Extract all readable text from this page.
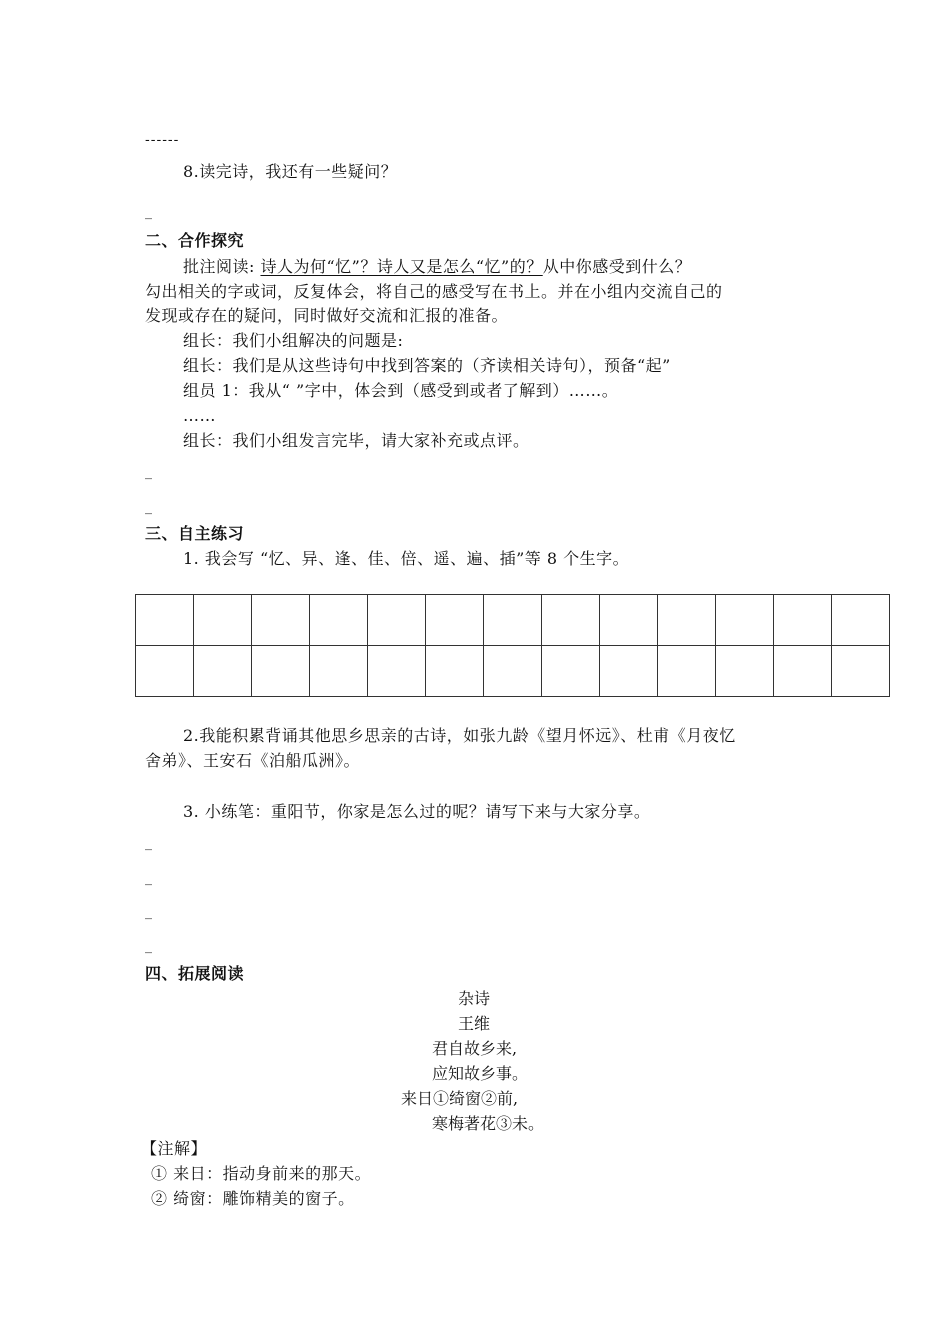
------
8.读完诗，我还有一些疑问？
_
二、合作探究
批注阅读: 诗人为何“忆”？诗人又是怎么“忆”的？从中你感受到什么？
勾出相关的字或词，反复体会，将自己的感受写在书上。并在小组内交流自己的
发现或存在的疑问，同时做好交流和汇报的准备。
组长：我们小组解决的问题是:
组长：我们是从这些诗句中找到答案的（齐读相关诗句），预备“起”
组员 1：我从“ ”字中，体会到（感受到或者了解到）……。
……
组长：我们小组发言完毕，请大家补充或点评。
_
_
三、自主练习
1. 我会写 “忆、异、逢、佳、倍、遥、遍、插”等 8 个生字。

2.我能积累背诵其他思乡思亲的古诗，如张九龄《望月怀远》、杜甫《月夜忆
舍弟》、王安石《泊船瓜洲》。
3. 小练笔：重阳节，你家是怎么过的呢？请写下来与大家分享。
_
_
_
_
四、拓展阅读
杂诗
王维
君自故乡来,
应知故乡事。
来日①绮窗②前,
寒梅著花③未。
【注解】
① 来日：指动身前来的那天。
② 绮窗：雕饰精美的窗子。
